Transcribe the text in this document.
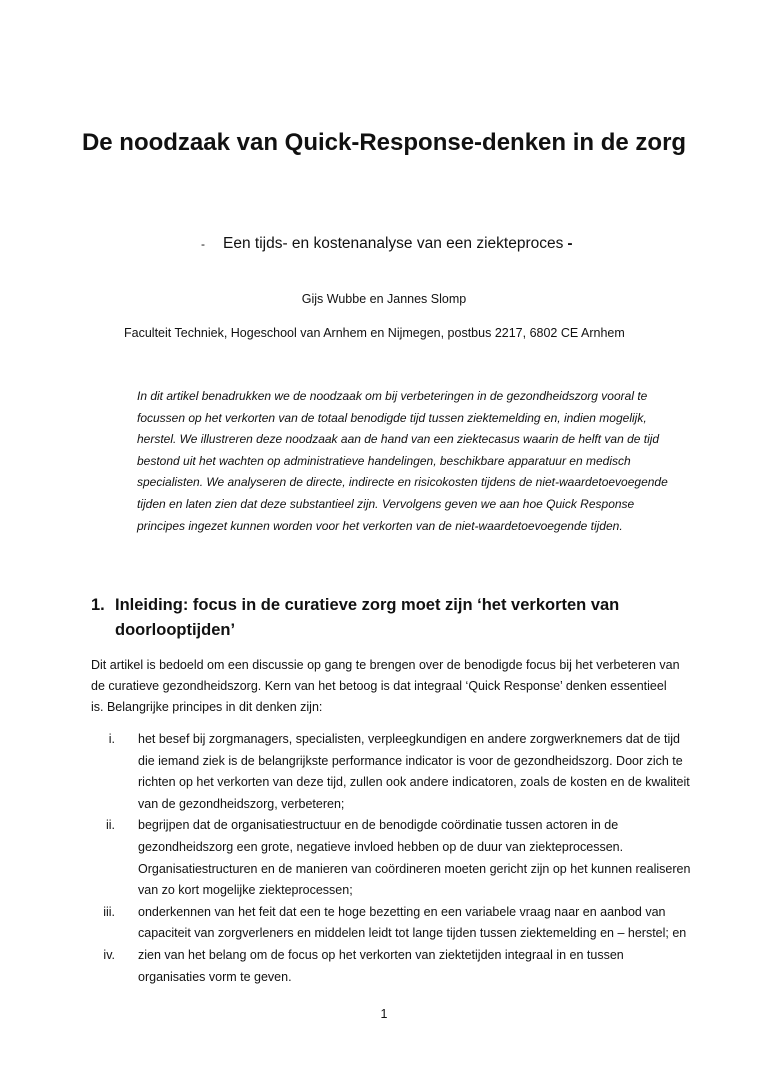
De noodzaak van Quick-Response-denken in de zorg
- Een tijds- en kostenanalyse van een ziekteproces -
Gijs Wubbe en Jannes Slomp
Faculteit Techniek, Hogeschool van Arnhem en Nijmegen, postbus 2217, 6802 CE Arnhem

In dit artikel benadrukken we de noodzaak om bij verbeteringen in de gezondheidszorg vooral te focussen op het verkorten van de totaal benodigde tijd tussen ziektemelding en, indien mogelijk, herstel. We illustreren deze noodzaak aan de hand van een ziektecasus waarin de helft van de tijd bestond uit het wachten op administratieve handelingen, beschikbare apparatuur en medisch specialisten. We analyseren de directe, indirecte en risicokosten tijdens de niet-waardetoevoegende tijden en laten zien dat deze substantieel zijn. Vervolgens geven we aan hoe Quick Response principes ingezet kunnen worden voor het verkorten van de niet-waardetoevoegende tijden.

1. Inleiding: focus in de curatieve zorg moet zijn ‘het verkorten van doorlooptijden’

Dit artikel is bedoeld om een discussie op gang te brengen over de benodigde focus bij het verbeteren van de curatieve gezondheidszorg. Kern van het betoog is dat integraal ‘Quick Response’ denken essentieel is. Belangrijke principes in dit denken zijn:

i. het besef bij zorgmanagers, specialisten, verpleegkundigen en andere zorgwerknemers dat de tijd die iemand ziek is de belangrijkste performance indicator is voor de gezondheidszorg. Door zich te richten op het verkorten van deze tijd, zullen ook andere indicatoren, zoals de kosten en de kwaliteit van de gezondheidszorg, verbeteren;
ii. begrijpen dat de organisatiestructuur en de benodigde coördinatie tussen actoren in de gezondheidszorg een grote, negatieve invloed hebben op de duur van ziekteprocessen. Organisatiestructuren en de manieren van coördineren moeten gericht zijn op het kunnen realiseren van zo kort mogelijke ziekteprocessen;
iii. onderkennen van het feit dat een te hoge bezetting en een variabele vraag naar en aanbod van capaciteit van zorgverleners en middelen leidt tot lange tijden tussen ziektemelding en – herstel; en
iv. zien van het belang om de focus op het verkorten van ziektetijden integraal in en tussen organisaties vorm te geven.
1
